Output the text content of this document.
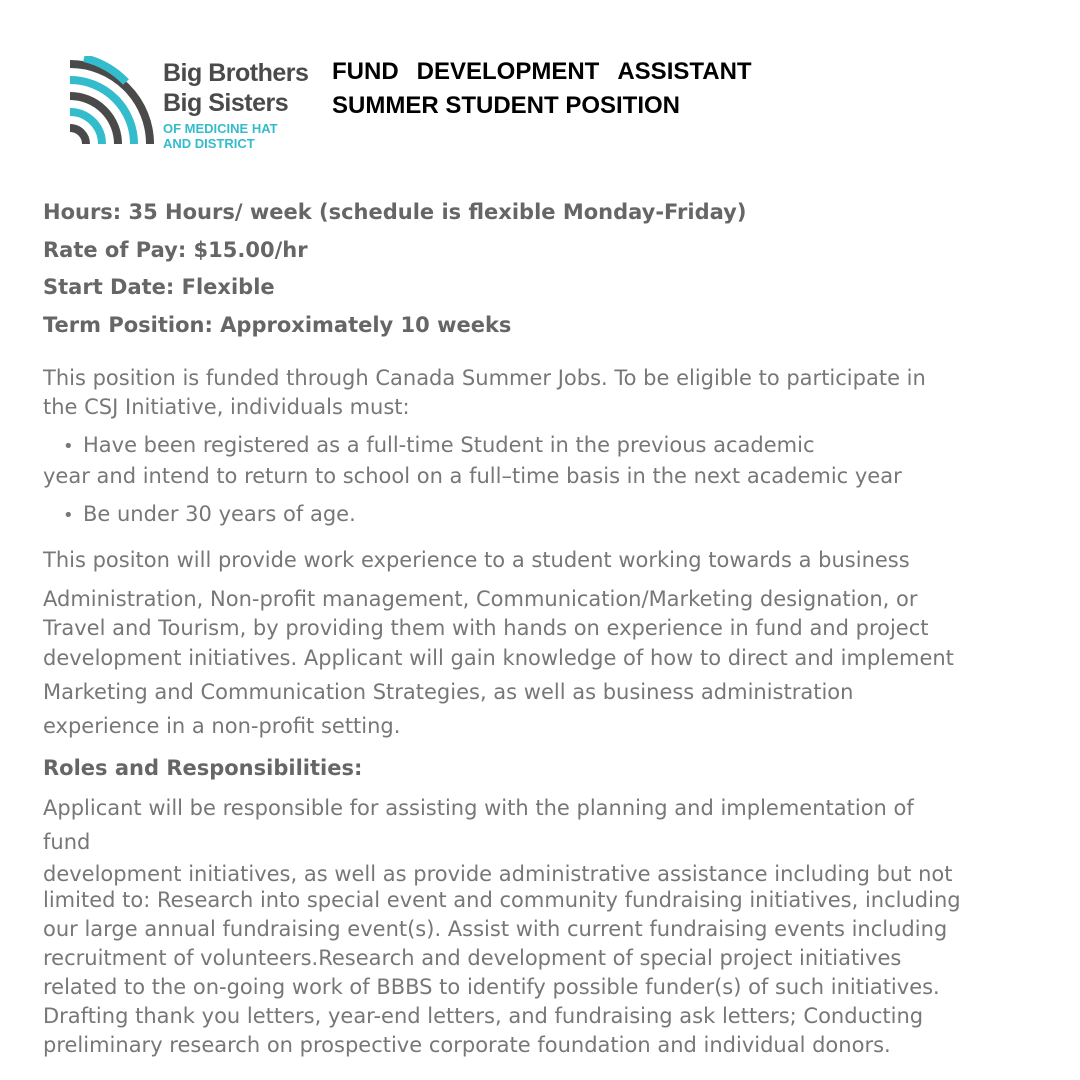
Big Brothers
Big Sisters
OF MEDICINE HAT
AND DISTRICT
FUND DEVELOPMENT ASSISTANT
SUMMER STUDENT POSITION
Hours: 35 Hours/ week (schedule is flexible Monday-Friday)
Rate of Pay: $15.00/hr
Start Date: Flexible
Term Position: Approximately 10 weeks
This position is funded through Canada Summer Jobs. To be eligible to participate in
the CSJ Initiative, individuals must:
• Have been registered as a full-time Student in the previous academic
year and intend to return to school on a full–time basis in the next academic year
• Be under 30 years of age.
This positon will provide work experience to a student working towards a business
Administration, Non-profit management, Communication/Marketing designation, or
Travel and Tourism, by providing them with hands on experience in fund and project
development initiatives. Applicant will gain knowledge of how to direct and implement
Marketing and Communication Strategies, as well as business administration
experience in a non-profit setting.
Roles and Responsibilities:
Applicant will be responsible for assisting with the planning and implementation of
fund
development initiatives, as well as provide administrative assistance including but not
limited to: Research into special event and community fundraising initiatives, including
our large annual fundraising event(s). Assist with current fundraising events including
recruitment of volunteers.Research and development of special project initiatives
related to the on-going work of BBBS to identify possible funder(s) of such initiatives.
Drafting thank you letters, year-end letters, and fundraising ask letters; Conducting
preliminary research on prospective corporate foundation and individual donors.
